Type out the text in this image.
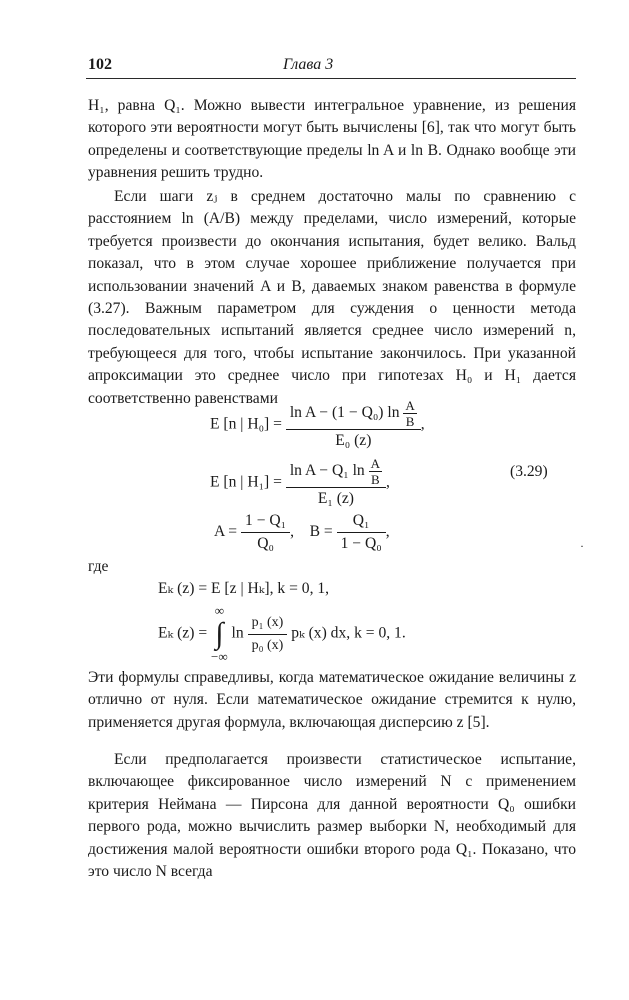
102	Глава 3

H₁, равна Q₁. Можно вывести интегральное уравнение, из решения которого эти вероятности могут быть вычислены [6], так что могут быть определены и соответствующие пределы ln A и ln B. Однако вообще эти уравнения решить трудно.

Если шаги zⱼ в среднем достаточно малы по сравнению с расстоянием ln (A/B) между пределами, число измерений, которые требуется произвести до окончания испытания, будет велико. Вальд показал, что в этом случае хорошее приближение получается при использовании значений A и B, даваемых знаком равенства в формуле (3.27). Важным параметром для суждения о ценности метода последовательных испытаний является среднее число измерений n, требующееся для того, чтобы испытание закончилось. При указанной апроксимации это среднее число при гипотезах H₀ и H₁ дается соответственно равенствами

E [n | $H_0] = \frac{\ln A - (1 - Q_0) \ln \frac{A}{B}}{\text{E₀ (z)}}$ ,
E [n | $H_1] = \frac{\ln A - Q_1 \ln \frac{A}{B}}{\text{E₁ (z)}}$ ,
(3.29)
$A = \frac{\text{1 − Q₁}}{\text{Q₀}}$ ,    $B = \frac{\text{Q₁}}{\text{1 − Q₀}}$ ,
·
где
Eₖ (z) = E [z | Hₖ], k = 0, 1,
Eₖ (z) = ∞
∫
−∞ $\ln \frac{\text{p₁ (x)}}{\text{p₀ (x)}}$ pₖ (x) dx, k = 0, 1.

Эти формулы справедливы, когда математическое ожидание величины z отлично от нуля. Если математическое ожидание стремится к нулю, применяется другая формула, включающая дисперсию z [5].

Если предполагается произвести статистическое испытание, включающее фиксированное число измерений N с применением критерия Неймана — Пирсона для данной вероятности Q₀ ошибки первого рода, можно вычислить размер выборки N, необходимый для достижения малой вероятности ошибки второго рода Q₁. Показано, что это число N всегда
